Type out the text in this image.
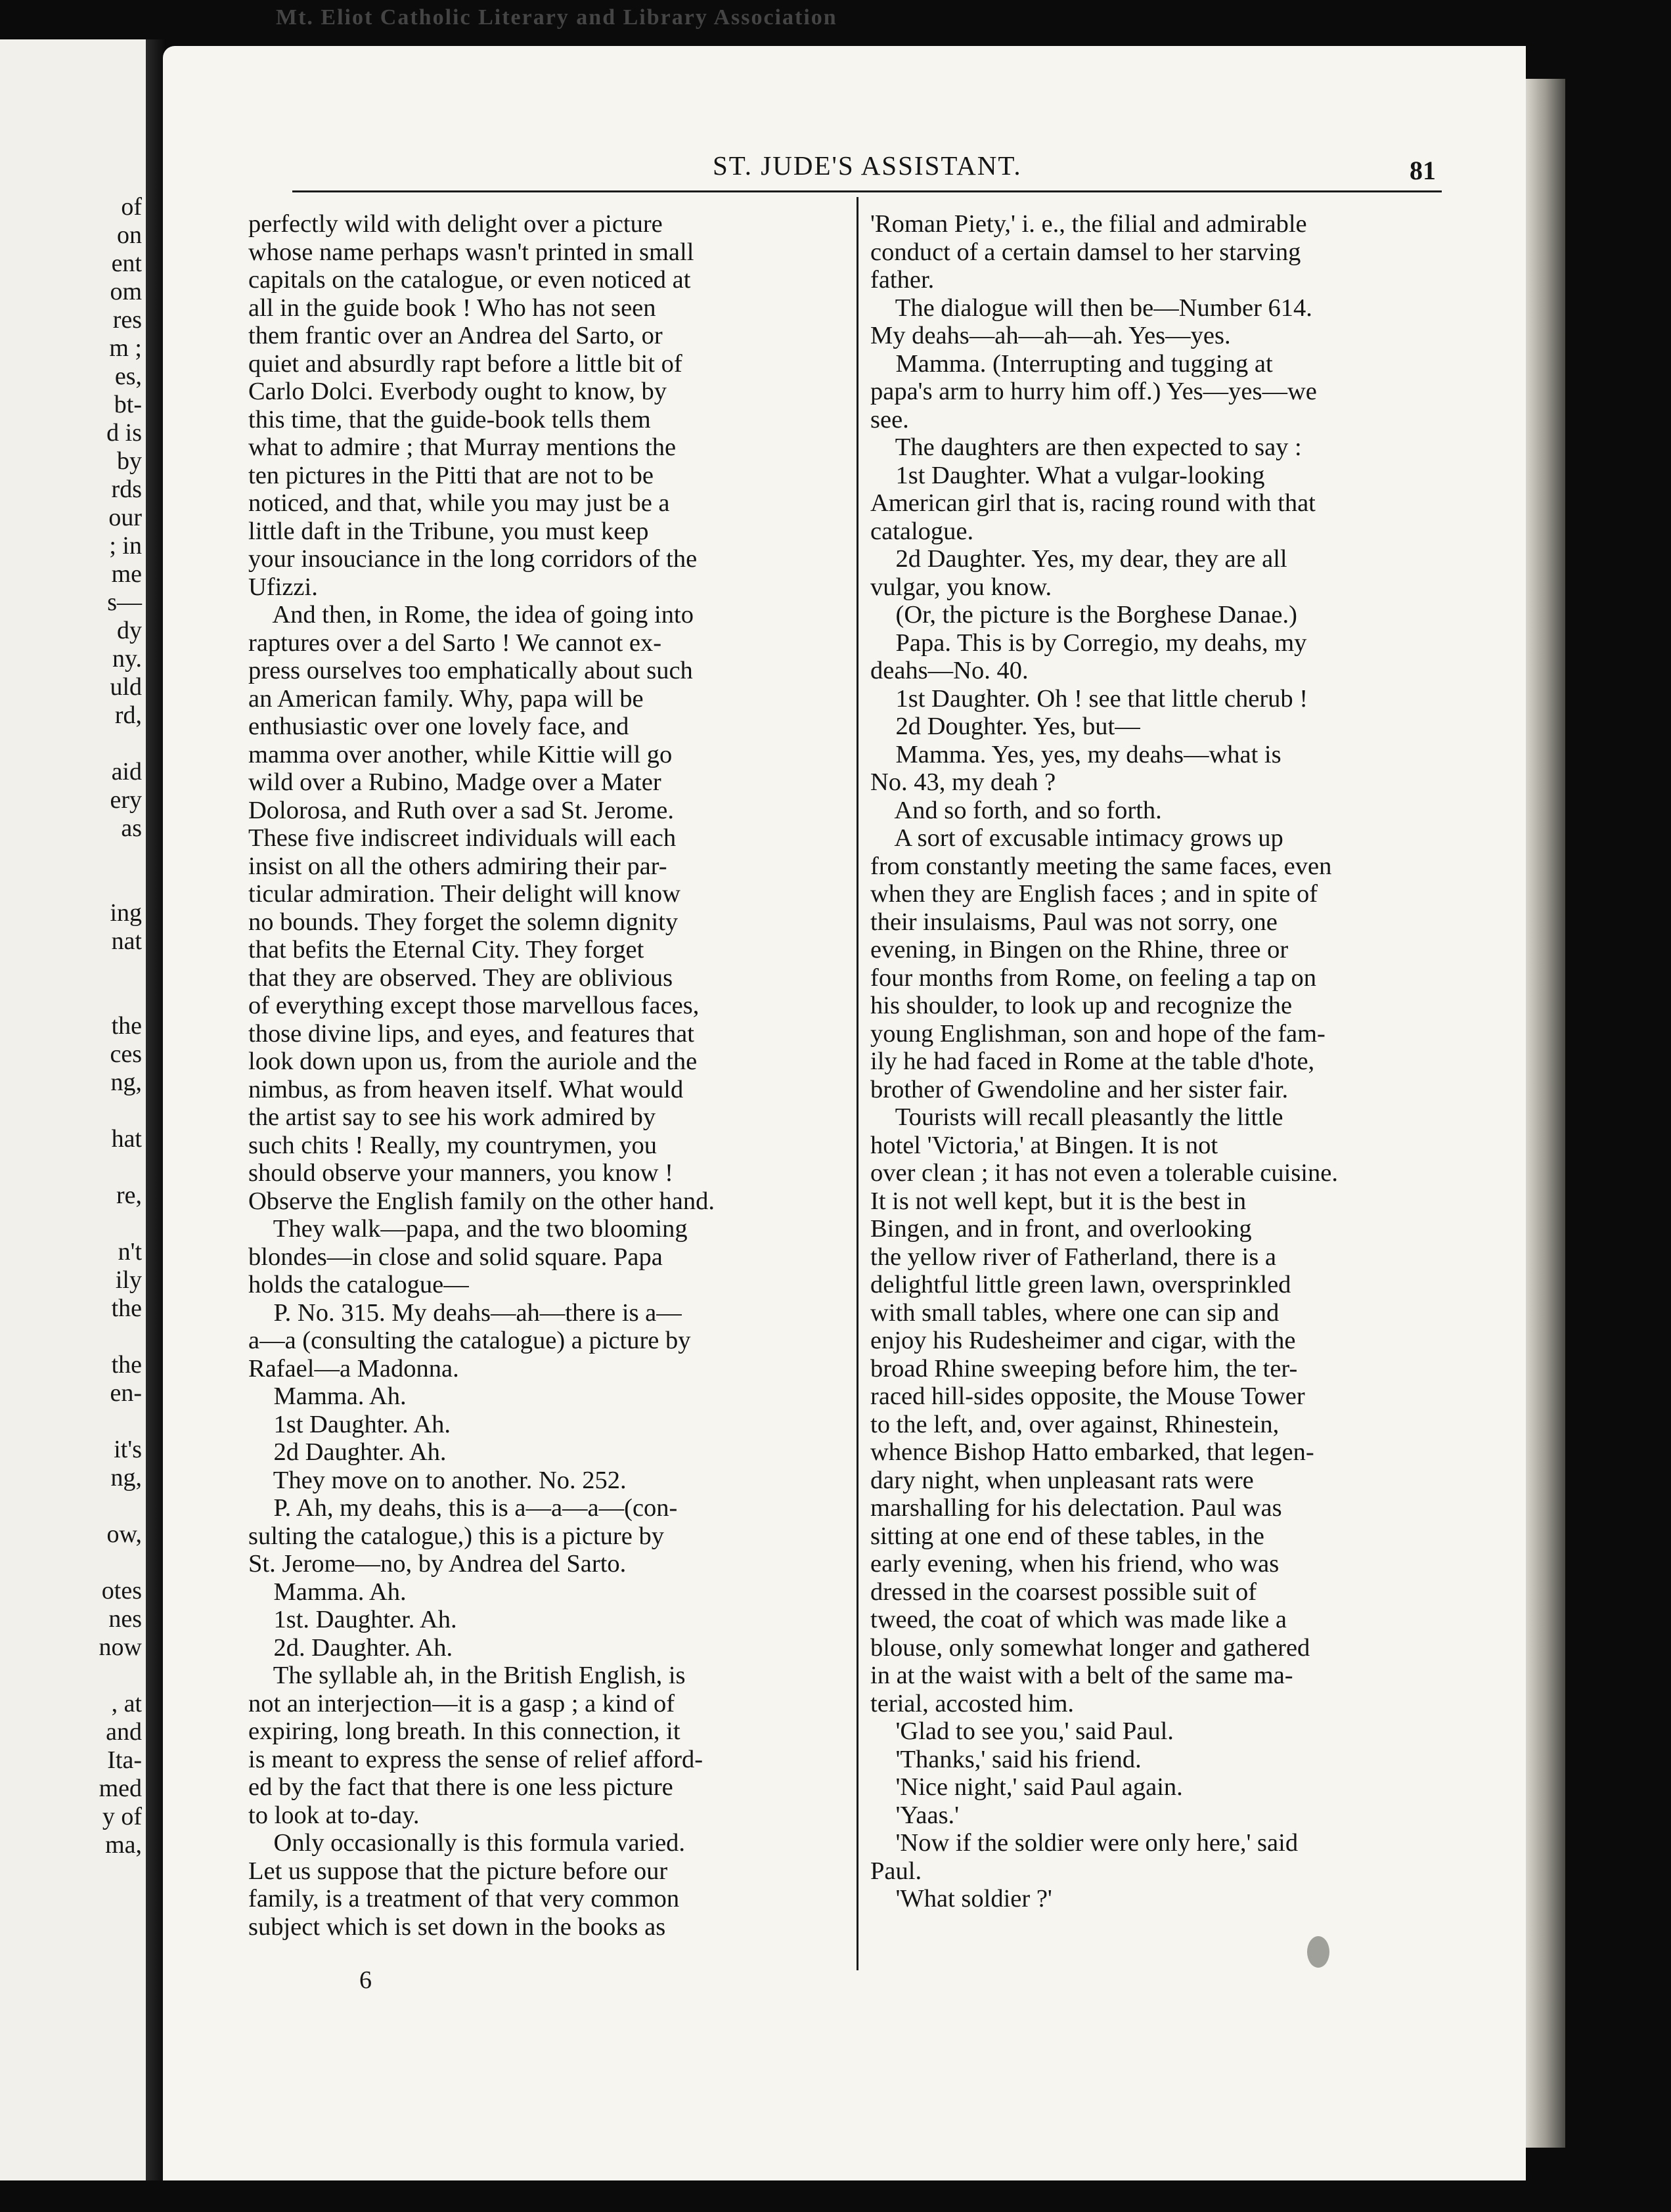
of
on
ent
om
res
m ;
es,
bt-
d is
by
rds
our
; in
me
s—
dy
ny.
uld
rd,
aid
ery
as
ing
nat
the
ces
ng,
hat
re,
n't
ily
the
the
en-
it's
ng,
ow,
otes
nes
now
, at
and
Ita-
med
y of
ma,
Mt. Eliot Catholic Literary and Library Association
ST. JUDE'S ASSISTANT.	81
perfectly wild with delight over a picture
whose name perhaps wasn't printed in small
capitals on the catalogue, or even noticed at
all in the guide book ! Who has not seen
them frantic over an Andrea del Sarto, or
quiet and absurdly rapt before a little bit of
Carlo Dolci. Everbody ought to know, by
this time, that the guide-book tells them
what to admire ; that Murray mentions the
ten pictures in the Pitti that are not to be
noticed, and that, while you may just be a
little daft in the Tribune, you must keep
your insouciance in the long corridors of the
Ufizzi.
And then, in Rome, the idea of going into
raptures over a del Sarto ! We cannot ex-
press ourselves too emphatically about such
an American family. Why, papa will be
enthusiastic over one lovely face, and
mamma over another, while Kittie will go
wild over a Rubino, Madge over a Mater
Dolorosa, and Ruth over a sad St. Jerome.
These five indiscreet individuals will each
insist on all the others admiring their par-
ticular admiration. Their delight will know
no bounds. They forget the solemn dignity
that befits the Eternal City. They forget
that they are observed. They are oblivious
of everything except those marvellous faces,
those divine lips, and eyes, and features that
look down upon us, from the auriole and the
nimbus, as from heaven itself. What would
the artist say to see his work admired by
such chits ! Really, my countrymen, you
should observe your manners, you know !
Observe the English family on the other hand.
They walk—papa, and the two blooming
blondes—in close and solid square. Papa
holds the catalogue—
P. No. 315. My deahs—ah—there is a—
a—a (consulting the catalogue) a picture by
Rafael—a Madonna.
Mamma. Ah.
1st Daughter. Ah.
2d Daughter. Ah.
They move on to another. No. 252.
P. Ah, my deahs, this is a—a—a—(con-
sulting the catalogue,) this is a picture by
St. Jerome—no, by Andrea del Sarto.
Mamma. Ah.
1st. Daughter. Ah.
2d. Daughter. Ah.
The syllable ah, in the British English, is
not an interjection—it is a gasp ; a kind of
expiring, long breath. In this connection, it
is meant to express the sense of relief afford-
ed by the fact that there is one less picture
to look at to-day.
Only occasionally is this formula varied.
Let us suppose that the picture before our
family, is a treatment of that very common
subject which is set down in the books as
'Roman Piety,' i. e., the filial and admirable
conduct of a certain damsel to her starving
father.
The dialogue will then be—Number 614.
My deahs—ah—ah—ah. Yes—yes.
Mamma. (Interrupting and tugging at
papa's arm to hurry him off.) Yes—yes—we
see.
The daughters are then expected to say :
1st Daughter. What a vulgar-looking
American girl that is, racing round with that
catalogue.
2d Daughter. Yes, my dear, they are all
vulgar, you know.
(Or, the picture is the Borghese Danae.)
Papa. This is by Corregio, my deahs, my
deahs—No. 40.
1st Daughter. Oh ! see that little cherub !
2d Doughter. Yes, but—
Mamma. Yes, yes, my deahs—what is
No. 43, my deah ?
And so forth, and so forth.
A sort of excusable intimacy grows up
from constantly meeting the same faces, even
when they are English faces ; and in spite of
their insulaisms, Paul was not sorry, one
evening, in Bingen on the Rhine, three or
four months from Rome, on feeling a tap on
his shoulder, to look up and recognize the
young Englishman, son and hope of the fam-
ily he had faced in Rome at the table d'hote,
brother of Gwendoline and her sister fair.
Tourists will recall pleasantly the little
hotel 'Victoria,' at Bingen. It is not
over clean ; it has not even a tolerable cuisine.
It is not well kept, but it is the best in
Bingen, and in front, and overlooking
the yellow river of Fatherland, there is a
delightful little green lawn, oversprinkled
with small tables, where one can sip and
enjoy his Rudesheimer and cigar, with the
broad Rhine sweeping before him, the ter-
raced hill-sides opposite, the Mouse Tower
to the left, and, over against, Rhinestein,
whence Bishop Hatto embarked, that legen-
dary night, when unpleasant rats were
marshalling for his delectation. Paul was
sitting at one end of these tables, in the
early evening, when his friend, who was
dressed in the coarsest possible suit of
tweed, the coat of which was made like a
blouse, only somewhat longer and gathered
in at the waist with a belt of the same ma-
terial, accosted him.
'Glad to see you,' said Paul.
'Thanks,' said his friend.
'Nice night,' said Paul again.
'Yaas.'
'Now if the soldier were only here,' said
Paul.
'What soldier ?'
6
